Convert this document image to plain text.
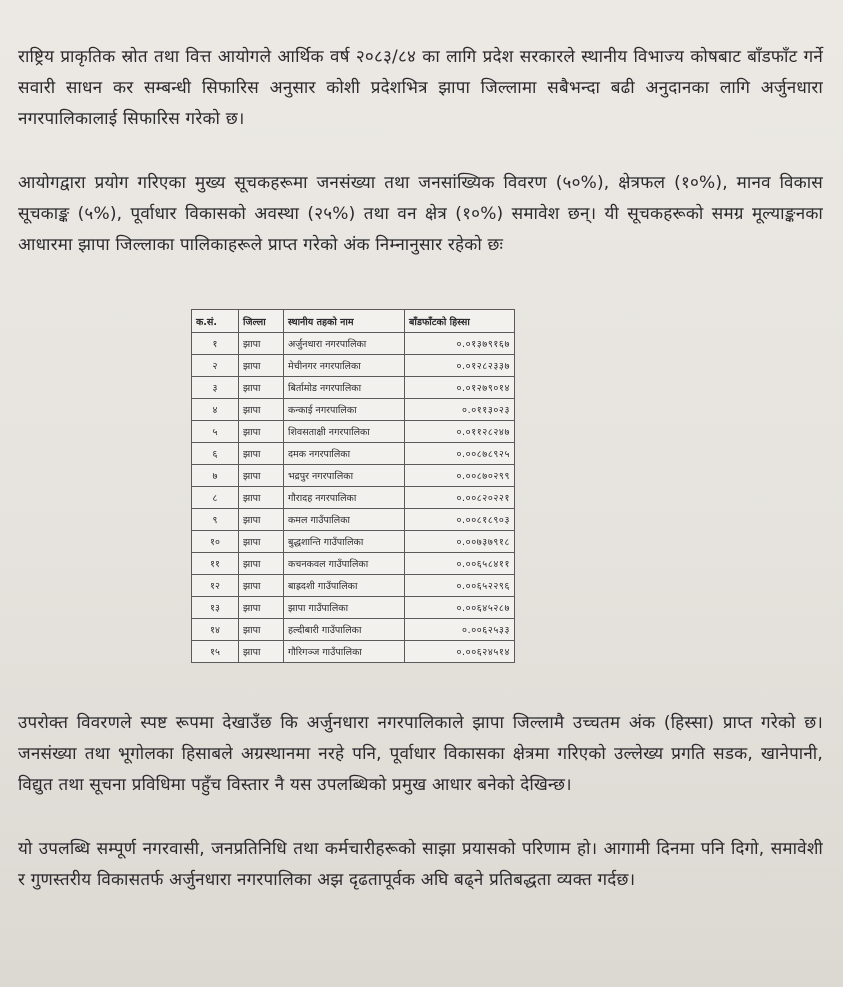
राष्ट्रिय प्राकृतिक स्रोत तथा वित्त आयोगले आर्थिक वर्ष २०८३/८४ का लागि प्रदेश सरकारले स्थानीय विभाज्य कोषबाट बाँडफाँट गर्ने सवारी साधन कर सम्बन्धी सिफारिस अनुसार कोशी प्रदेशभित्र झापा जिल्लामा सबैभन्दा बढी अनुदानका लागि अर्जुनधारा नगरपालिकालाई सिफारिस गरेको छ।

आयोगद्वारा प्रयोग गरिएका मुख्य सूचकहरूमा जनसंख्या तथा जनसांख्यिक विवरण (५०%), क्षेत्रफल (१०%), मानव विकास सूचकाङ्क (५%), पूर्वाधार विकासको अवस्था (२५%) तथा वन क्षेत्र (१०%) समावेश छन्। यी सूचकहरूको समग्र मूल्याङ्कनका आधारमा झापा जिल्लाका पालिकाहरूले प्राप्त गरेको अंक निम्नानुसार रहेको छः

क.सं.	जिल्ला	स्थानीय तहको नाम	बाँडफाँटको हिस्सा
१	झापा	अर्जुनधारा नगरपालिका	०.०१३७९१६७
२	झापा	मेचीनगर नगरपालिका	०.०१२८२३३७
३	झापा	बिर्तामोड नगरपालिका	०.०१२७९०१४
४	झापा	कन्काई नगरपालिका	०.०११३०२३
५	झापा	शिवसताक्षी नगरपालिका	०.०११२८२४७
६	झापा	दमक नगरपालिका	०.००८७८९२५
७	झापा	भद्रपुर नगरपालिका	०.००८७०२९९
८	झापा	गौरादह नगरपालिका	०.००८२०२२१
९	झापा	कमल गाउँपालिका	०.००८१८९०३
१०	झापा	बुद्धशान्ति गाउँपालिका	०.००७३७९१८
११	झापा	कचनकवल गाउँपालिका	०.००६५८४११
१२	झापा	बाह्रदशी गाउँपालिका	०.००६५२२९६
१३	झापा	झापा गाउँपालिका	०.००६४५२८७
१४	झापा	हल्दीबारी गाउँपालिका	०.००६२५३३
१५	झापा	गौरिगञ्ज गाउँपालिका	०.००६२४५१४

उपरोक्त विवरणले स्पष्ट रूपमा देखाउँछ कि अर्जुनधारा नगरपालिकाले झापा जिल्लामै उच्चतम अंक (हिस्सा) प्राप्त गरेको छ। जनसंख्या तथा भूगोलका हिसाबले अग्रस्थानमा नरहे पनि, पूर्वाधार विकासका क्षेत्रमा गरिएको उल्लेख्य प्रगति सडक, खानेपानी, विद्युत तथा सूचना प्रविधिमा पहुँच विस्तार नै यस उपलब्धिको प्रमुख आधार बनेको देखिन्छ।

यो उपलब्धि सम्पूर्ण नगरवासी, जनप्रतिनिधि तथा कर्मचारीहरूको साझा प्रयासको परिणाम हो। आगामी दिनमा पनि दिगो, समावेशी र गुणस्तरीय विकासतर्फ अर्जुनधारा नगरपालिका अझ दृढतापूर्वक अघि बढ्ने प्रतिबद्धता व्यक्त गर्दछ।
